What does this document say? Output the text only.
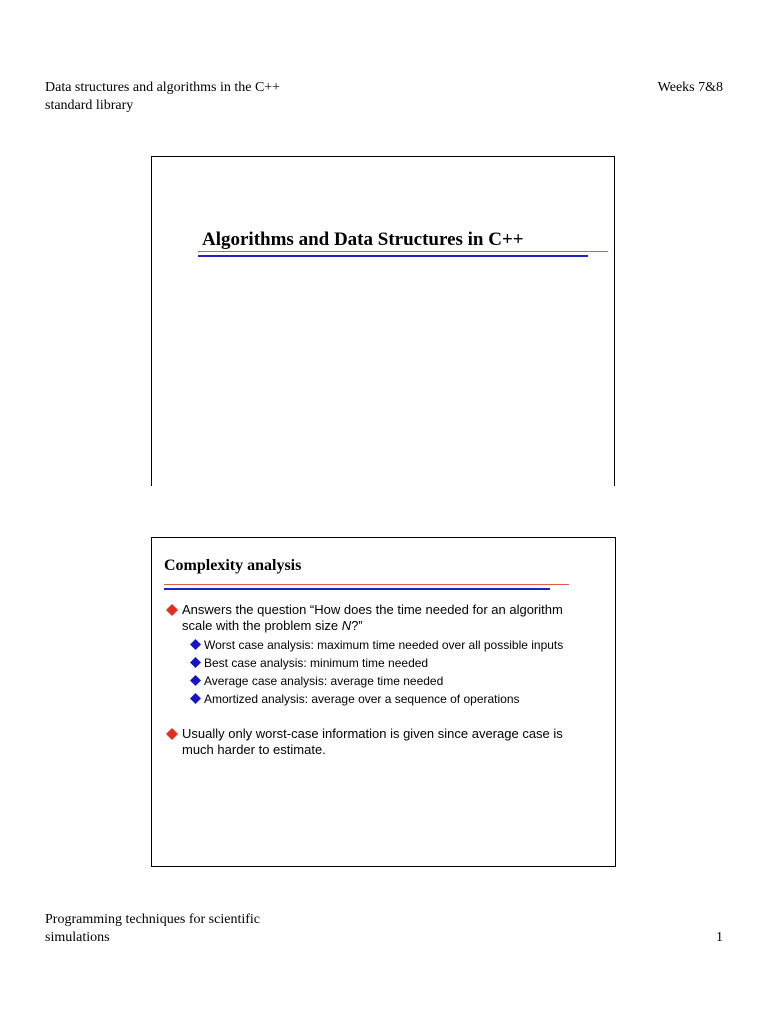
Data structures and algorithms in the C++
standard library
Weeks 7&8
Algorithms and Data Structures in C++
Complexity analysis
Answers the question “How does the time needed for an algorithm
scale with the problem size N?”
Worst case analysis: maximum time needed over all possible inputs
Best case analysis: minimum time needed
Average case analysis: average time needed
Amortized analysis: average over a sequence of operations
Usually only worst-case information is given since average case is
much harder to estimate.
Programming techniques for scientific
simulations	1
